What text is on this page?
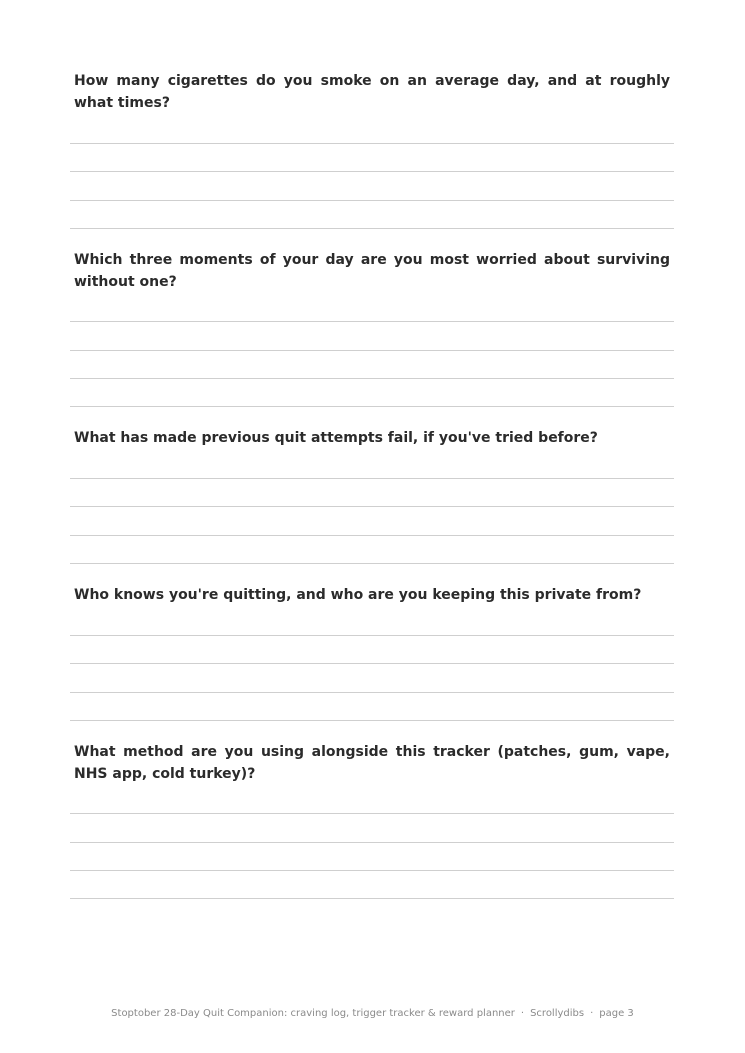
How many cigarettes do you smoke on an average day, and at roughly what times?

Which three moments of your day are you most worried about surviving without one?

What has made previous quit attempts fail, if you've tried before?

Who knows you're quitting, and who are you keeping this private from?

What method are you using alongside this tracker (patches, gum, vape, NHS app, cold turkey)?

Stoptober 28-Day Quit Companion: craving log, trigger tracker & reward planner · Scrollydibs · page 3
